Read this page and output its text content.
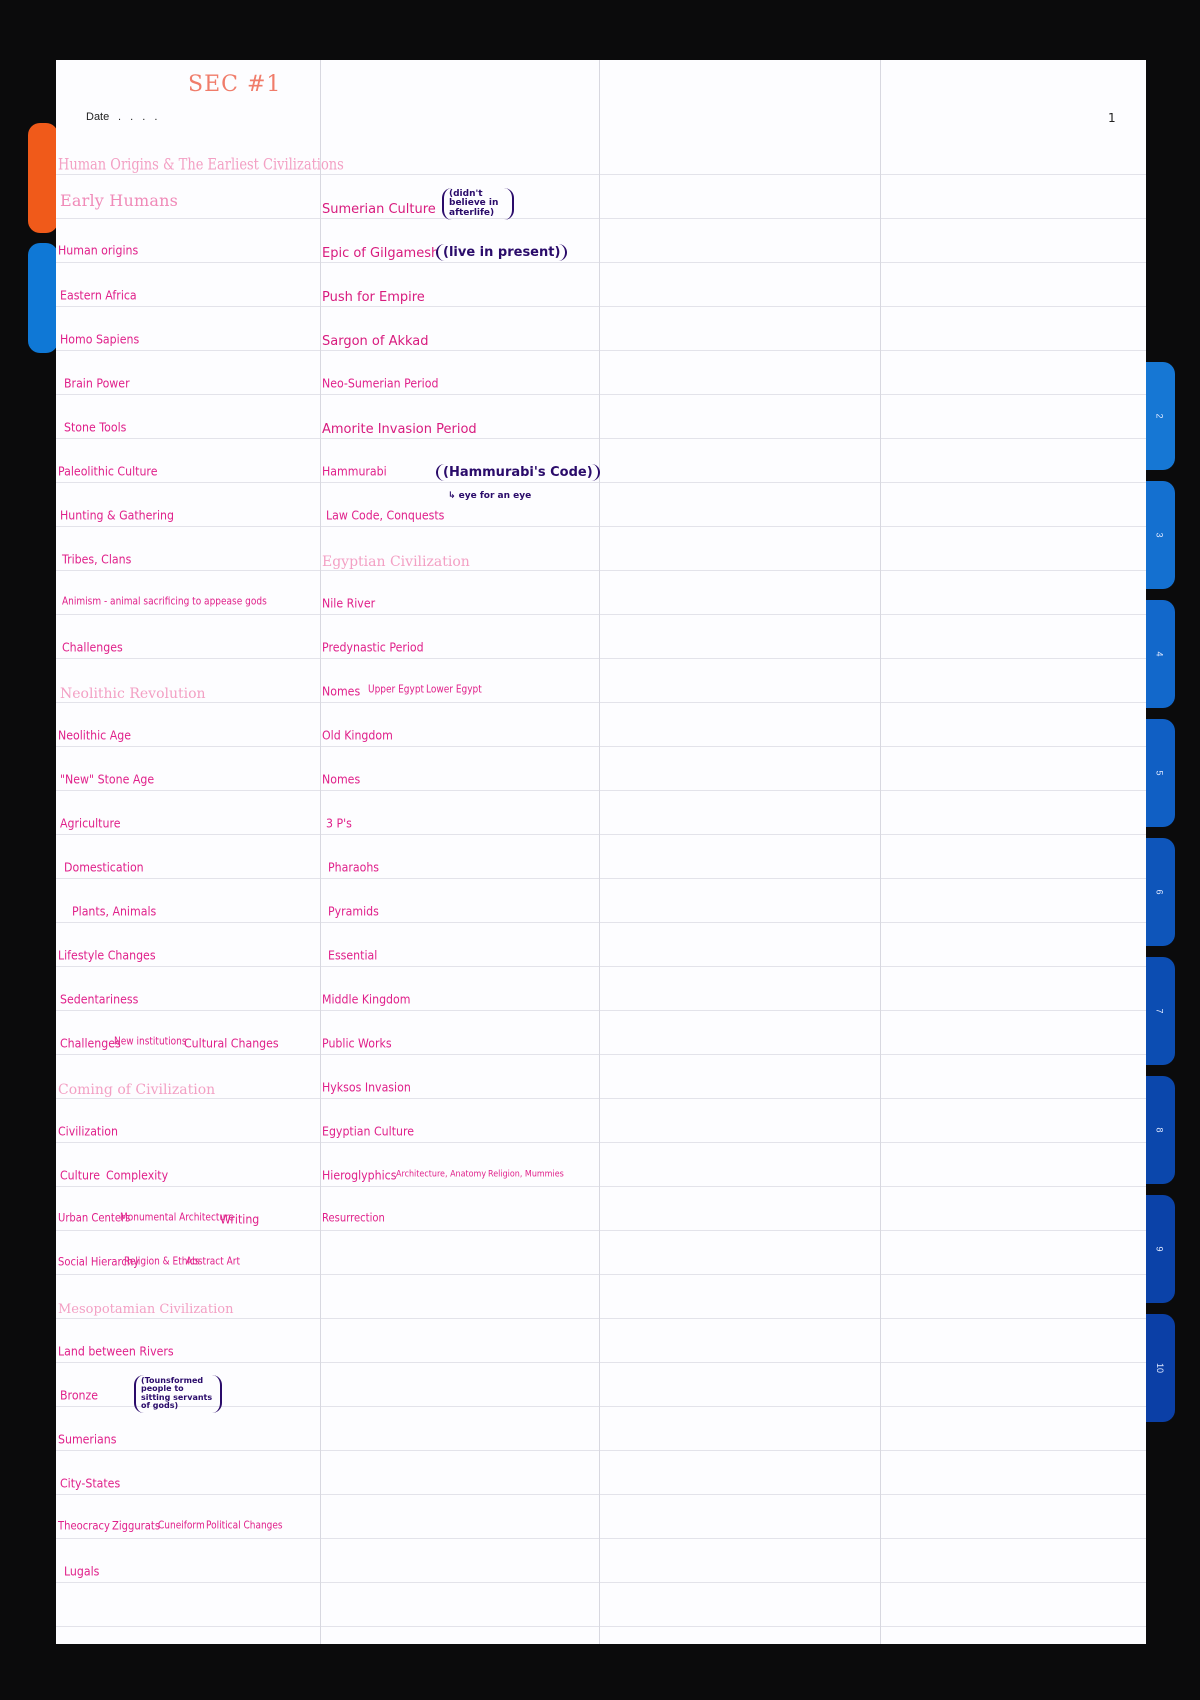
2
3
4
5
6
7
8
9
10
SEC #1
Date . . . .	1
Human Origins & The Earliest Civilizations
Early Humans
Human origins
Eastern Africa
Homo Sapiens
Brain Power
Stone Tools
Paleolithic Culture
Hunting & Gathering
Tribes, Clans
Animism - animal sacrificing to appease gods
Challenges
Neolithic Revolution
Neolithic Age
"New" Stone Age
Agriculture
Domestication
Plants, Animals
Lifestyle Changes
Sedentariness
Challenges
New institutions
Cultural Changes
Coming of Civilization
Civilization
Culture Complexity
Urban Centers
Monumental Architecture
Writing
Social Hierarchy
Religion & Ethics
Abstract Art
Mesopotamian Civilization
Land between Rivers
Bronze
(Tounsformed people to sitting servants of gods)
Sumerians
City-States
Theocracy Ziggurats
Cuneiform Political Changes
Lugals
Sumerian Culture
(didn't believe in afterlife)
Epic of Gilgamesh (live in present)
Push for Empire
Sargon of Akkad
Neo-Sumerian Period
Amorite Invasion Period
Hammurabi	(Hammurabi's Code)
↳ eye for an eye
Law Code, Conquests
Egyptian Civilization
Nile River
Predynastic Period
Nomes Upper Egypt Lower Egypt
Old Kingdom
Nomes
3 P's
Pharaohs
Pyramids
Essential
Middle Kingdom
Public Works
Hyksos Invasion
Egyptian Culture
Hieroglyphics Architecture, Anatomy Religion, Mummies
Resurrection
